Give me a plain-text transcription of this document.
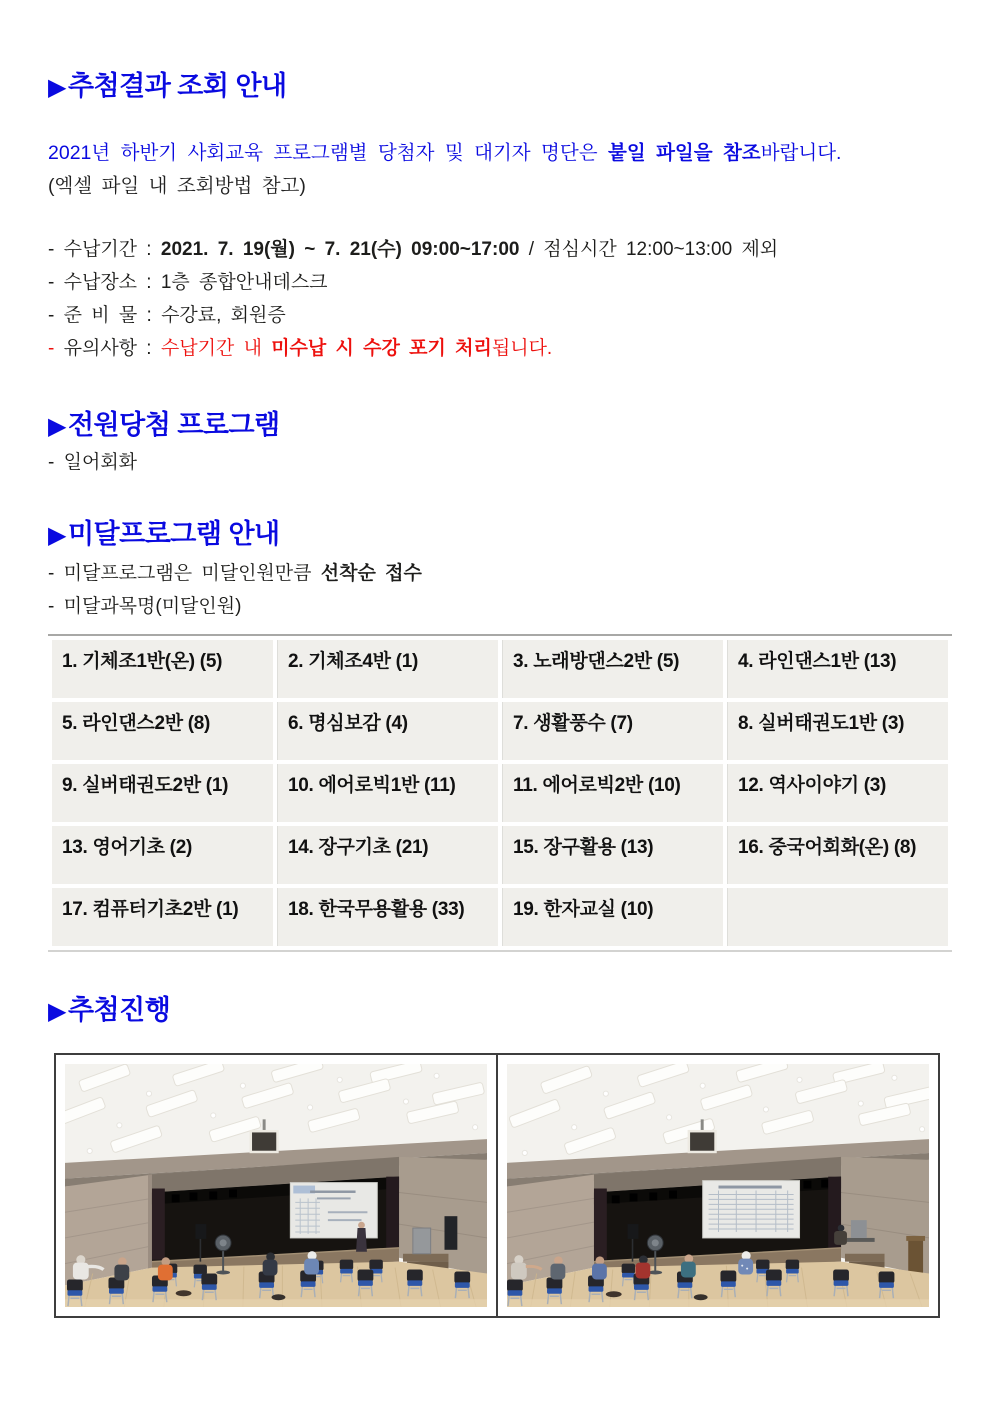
▶추첨결과 조회 안내

2021년 하반기 사회교육 프로그램별 당첨자 및 대기자 명단은 붙일 파일을 참조바랍니다.

(엑셀 파일 내 조회방법 참고)

- 수납기간 : 2021. 7. 19(월) ~ 7. 21(수) 09:00~17:00 / 점심시간 12:00~13:00 제외

- 수납장소 : 1층 종합안내데스크

- 준 비 물 : 수강료, 회원증

- 유의사항 : 수납기간 내 미수납 시 수강 포기 처리됩니다.

▶전원당첨 프로그램

- 일어회화

▶미달프로그램 안내

- 미달프로그램은 미달인원만큼 선착순 접수

- 미달과목명(미달인원)

1. 기체조1반(온) (5)	2. 기체조4반 (1)	3. 노래방댄스2반 (5)	4. 라인댄스1반 (13)
5. 라인댄스2반 (8)	6. 명심보감 (4)	7. 생활풍수 (7)	8. 실버태권도1반 (3)
9. 실버태권도2반 (1)	10. 에어로빅1반 (11)	11. 에어로빅2반 (10)	12. 역사이야기 (3)
13. 영어기초 (2)	14. 장구기초 (21)	15. 장구활용 (13)	16. 중국어회화(온) (8)
17. 컴퓨터기초2반 (1)	18. 한국무용활용 (33)	19. 한자교실 (10)	
▶추첨진행
